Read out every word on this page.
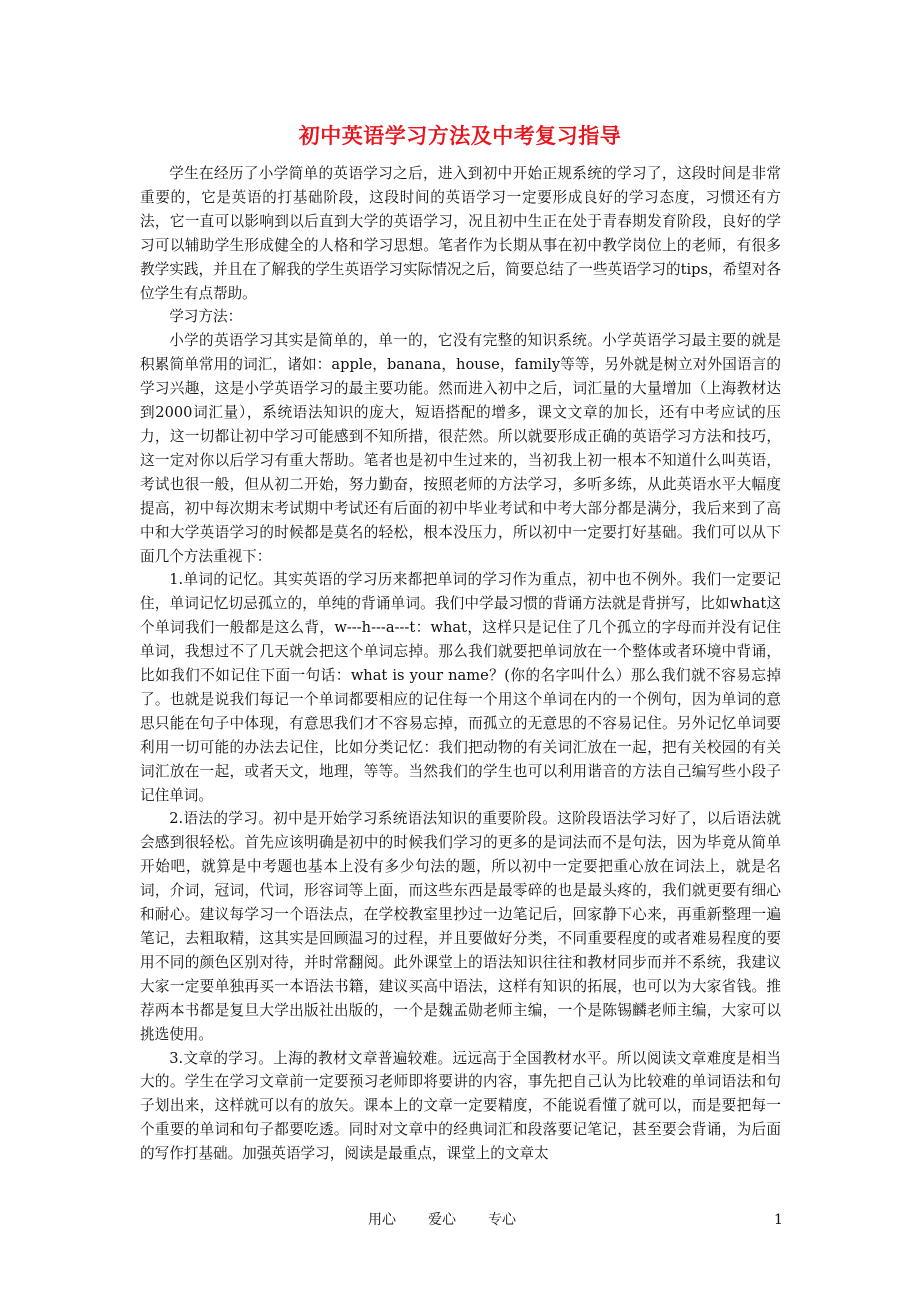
初中英语学习方法及中考复习指导

学生在经历了小学简单的英语学习之后，进入到初中开始正规系统的学习了，这段时间是非常重要的，它是英语的打基础阶段，这段时间的英语学习一定要形成良好的学习态度，习惯还有方法，它一直可以影响到以后直到大学的英语学习，况且初中生正在处于青春期发育阶段，良好的学习可以辅助学生形成健全的人格和学习思想。笔者作为长期从事在初中教学岗位上的老师，有很多教学实践，并且在了解我的学生英语学习实际情况之后，简要总结了一些英语学习的tips，希望对各位学生有点帮助。

学习方法：

小学的英语学习其实是简单的，单一的，它没有完整的知识系统。小学英语学习最主要的就是积累简单常用的词汇，诸如：apple，banana，house，family等等，另外就是树立对外国语言的学习兴趣，这是小学英语学习的最主要功能。然而进入初中之后，词汇量的大量增加（上海教材达到2000词汇量），系统语法知识的庞大，短语搭配的增多，课文文章的加长，还有中考应试的压力，这一切都让初中学习可能感到不知所措，很茫然。所以就要形成正确的英语学习方法和技巧，这一定对你以后学习有重大帮助。笔者也是初中生过来的，当初我上初一根本不知道什么叫英语，考试也很一般，但从初二开始，努力勤奋，按照老师的方法学习，多听多练，从此英语水平大幅度提高，初中每次期末考试期中考试还有后面的初中毕业考试和中考大部分都是满分，我后来到了高中和大学英语学习的时候都是莫名的轻松，根本没压力，所以初中一定要打好基础。我们可以从下面几个方法重视下：

1.单词的记忆。其实英语的学习历来都把单词的学习作为重点，初中也不例外。我们一定要记住，单词记忆切忌孤立的，单纯的背诵单词。我们中学最习惯的背诵方法就是背拼写，比如what这个单词我们一般都是这么背，w---h---a---t：what，这样只是记住了几个孤立的字母而并没有记住单词，我想过不了几天就会把这个单词忘掉。那么我们就要把单词放在一个整体或者环境中背诵，比如我们不如记住下面一句话：what is your name？(你的名字叫什么）那么我们就不容易忘掉了。也就是说我们每记一个单词都要相应的记住每一个用这个单词在内的一个例句，因为单词的意思只能在句子中体现，有意思我们才不容易忘掉，而孤立的无意思的不容易记住。另外记忆单词要利用一切可能的办法去记住，比如分类记忆：我们把动物的有关词汇放在一起，把有关校园的有关词汇放在一起，或者天文，地理，等等。当然我们的学生也可以利用谐音的方法自己编写些小段子记住单词。

2.语法的学习。初中是开始学习系统语法知识的重要阶段。这阶段语法学习好了，以后语法就会感到很轻松。首先应该明确是初中的时候我们学习的更多的是词法而不是句法，因为毕竟从简单开始吧，就算是中考题也基本上没有多少句法的题，所以初中一定要把重心放在词法上，就是名词，介词，冠词，代词，形容词等上面，而这些东西是最零碎的也是最头疼的，我们就更要有细心和耐心。建议每学习一个语法点，在学校教室里抄过一边笔记后，回家静下心来，再重新整理一遍笔记，去粗取精，这其实是回顾温习的过程，并且要做好分类，不同重要程度的或者难易程度的要用不同的颜色区别对待，并时常翻阅。此外课堂上的语法知识往往和教材同步而并不系统，我建议大家一定要单独再买一本语法书籍，建议买高中语法，这样有知识的拓展，也可以为大家省钱。推荐两本书都是复旦大学出版社出版的，一个是魏孟勋老师主编，一个是陈锡麟老师主编，大家可以挑选使用。

3.文章的学习。上海的教材文章普遍较难。远远高于全国教材水平。所以阅读文章难度是相当大的。学生在学习文章前一定要预习老师即将要讲的内容，事先把自己认为比较难的单词语法和句子划出来，这样就可以有的放矢。课本上的文章一定要精度，不能说看懂了就可以，而是要把每一个重要的单词和句子都要吃透。同时对文章中的经典词汇和段落要记笔记，甚至要会背诵，为后面的写作打基础。加强英语学习，阅读是最重点，课堂上的文章太

用心 爱心 专心	1
